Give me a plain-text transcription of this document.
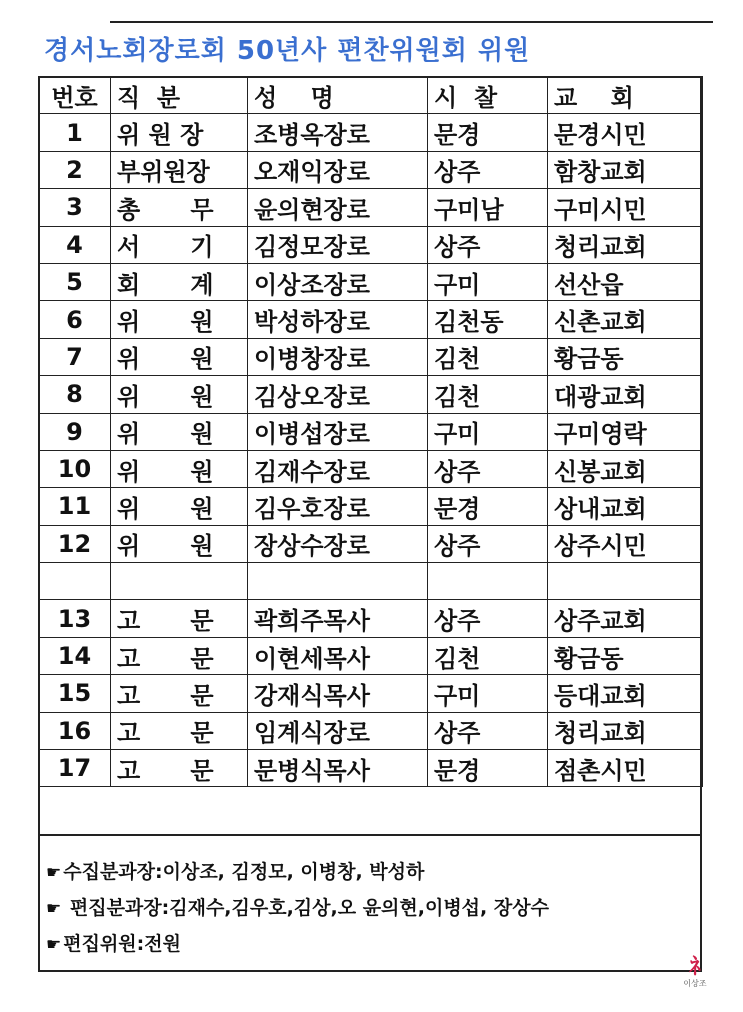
경서노회장로회 50년사 편찬위원회 위원
번호	직  분	성    명	시  찰	교    회
1	위 원 장	조병옥장로	문경	문경시민
2	부위원장	오재익장로	상주	함창교회
3	총      무	윤의현장로	구미남	구미시민
4	서      기	김정모장로	상주	청리교회
5	회      계	이상조장로	구미	선산읍
6	위      원	박성하장로	김천동	신촌교회
7	위      원	이병창장로	김천	황금동
8	위      원	김상오장로	김천	대광교회
9	위      원	이병섭장로	구미	구미영락
10	위      원	김재수장로	상주	신봉교회
11	위      원	김우호장로	문경	상내교회
12	위      원	장상수장로	상주	상주시민

13	고      문	곽희주목사	상주	상주교회
14	고      문	이현세목사	김천	황금동
15	고      문	강재식목사	구미	등대교회
16	고      문	임계식장로	상주	청리교회
17	고      문	문병식목사	문경	점촌시민
☛ 수집분과장:이상조, 김정모, 이병창, 박성하
☛ 편집분과장:김재수,김우호,김상,오 윤의현,이병섭, 장상수
☛ 편집위원:전원
ﾈ
이상조
